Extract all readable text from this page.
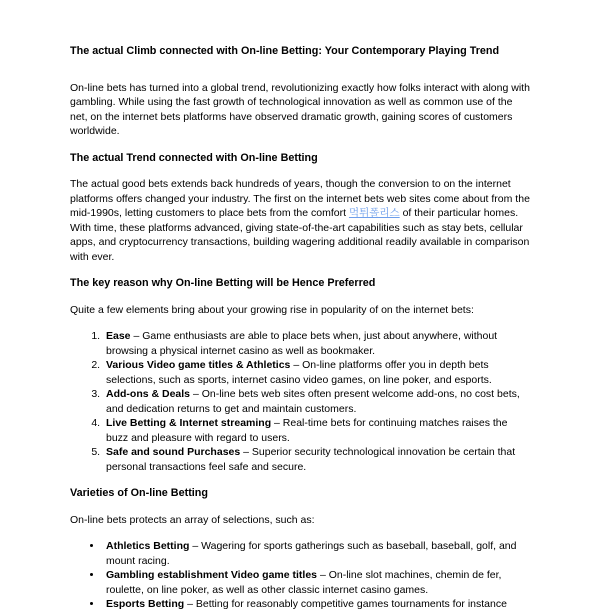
The actual Climb connected with On-line Betting: Your Contemporary Playing Trend

On-line bets has turned into a global trend, revolutionizing exactly how folks interact with along with gambling. While using the fast growth of technological innovation as well as common use of the net, on the internet bets platforms have observed dramatic growth, gaining scores of customers worldwide.

The actual Trend connected with On-line Betting

The actual good bets extends back hundreds of years, though the conversion to on the internet platforms offers changed your industry. The first on the internet bets web sites come about from the mid-1990s, letting customers to place bets from the comfort 먹튀폴리스 of their particular homes. With time, these platforms advanced, giving state-of-the-art capabilities such as stay bets, cellular apps, and cryptocurrency transactions, building wagering additional readily available in comparison with ever.

The key reason why On-line Betting will be Hence Preferred

Quite a few elements bring about your growing rise in popularity of on the internet bets:

1. Ease – Game enthusiasts are able to place bets when, just about anywhere, without browsing a physical internet casino as well as bookmaker.
2. Various Video game titles & Athletics – On-line platforms offer you in depth bets selections, such as sports, internet casino video games, on line poker, and esports.
3. Add-ons & Deals – On-line bets web sites often present welcome add-ons, no cost bets, and dedication returns to get and maintain customers.
4. Live Betting & Internet streaming – Real-time bets for continuing matches raises the buzz and pleasure with regard to users.
5. Safe and sound Purchases – Superior security technological innovation be certain that personal transactions feel safe and secure.
Varieties of On-line Betting

On-line bets protects an array of selections, such as:

• Athletics Betting – Wagering for sports gatherings such as baseball, baseball, golf, and mount racing.
• Gambling establishment Video game titles – On-line slot machines, chemin de fer, roulette, on line poker, as well as other classic internet casino games.
• Esports Betting – Betting for reasonably competitive games tournaments for instance
